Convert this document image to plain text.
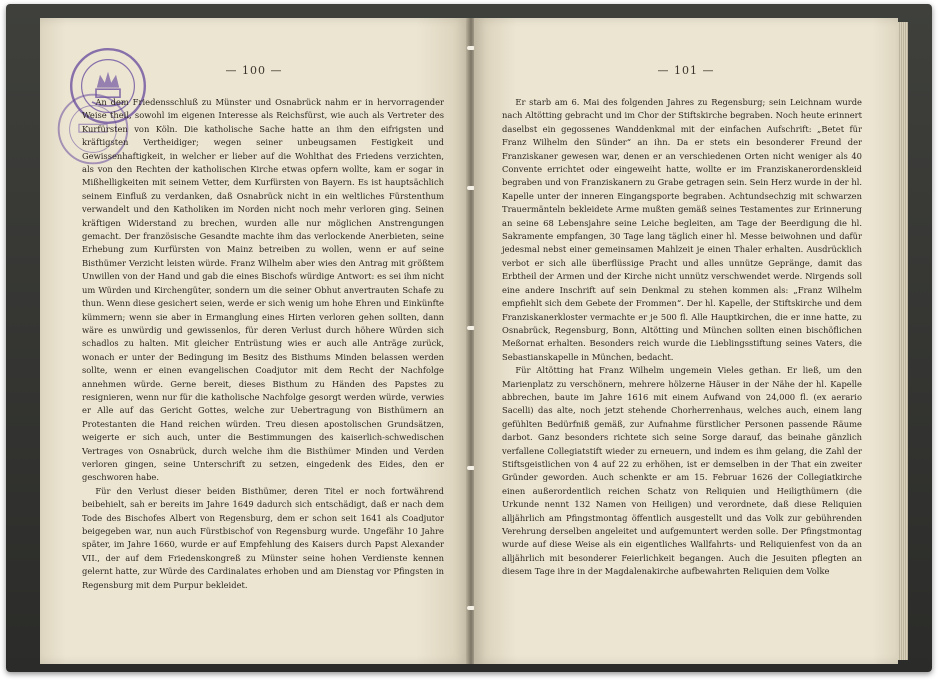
— 100 —

An dem Friedensschluß zu Münster und Osnabrück nahm er in hervorragender Weise theil, sowohl im eigenen Interesse als Reichsfürst, wie auch als Vertreter des Kurfürsten von Köln. Die katholische Sache hatte an ihm den eifrigsten und kräftigsten Vertheidiger; wegen seiner unbeugsamen Festigkeit und Gewissenhaftigkeit, in welcher er lieber auf die Wohlthat des Friedens verzichten, als von den Rechten der katholischen Kirche etwas opfern wollte, kam er sogar in Mißhelligkeiten mit seinem Vetter, dem Kurfürsten von Bayern. Es ist hauptsächlich seinem Einfluß zu verdanken, daß Osnabrück nicht in ein weltliches Fürstenthum verwandelt und den Katholiken im Norden nicht noch mehr verloren ging. Seinen kräftigen Widerstand zu brechen, wurden alle nur möglichen Anstrengungen gemacht. Der französische Gesandte machte ihm das verlockende Anerbieten, seine Erhebung zum Kurfürsten von Mainz betreiben zu wollen, wenn er auf seine Bisthümer Verzicht leisten würde. Franz Wilhelm aber wies den Antrag mit größtem Unwillen von der Hand und gab die eines Bischofs würdige Antwort: es sei ihm nicht um Würden und Kirchengüter, sondern um die seiner Obhut anvertrauten Schafe zu thun. Wenn diese gesichert seien, werde er sich wenig um hohe Ehren und Einkünfte kümmern; wenn sie aber in Ermanglung eines Hirten verloren gehen sollten, dann wäre es unwürdig und gewissenlos, für deren Verlust durch höhere Würden sich schadlos zu halten. Mit gleicher Entrüstung wies er auch alle Anträge zurück, wonach er unter der Bedingung im Besitz des Bisthums Minden belassen werden sollte, wenn er einen evangelischen Coadjutor mit dem Recht der Nachfolge annehmen würde. Gerne bereit, dieses Bisthum zu Händen des Papstes zu resignieren, wenn nur für die katholische Nachfolge gesorgt werden würde, verwies er Alle auf das Gericht Gottes, welche zur Uebertragung von Bisthümern an Protestanten die Hand reichen würden. Treu diesen apostolischen Grundsätzen, weigerte er sich auch, unter die Bestimmungen des kaiserlich-schwedischen Vertrages von Osnabrück, durch welche ihm die Bisthümer Minden und Verden verloren gingen, seine Unterschrift zu setzen, eingedenk des Eides, den er geschworen habe.

Für den Verlust dieser beiden Bisthümer, deren Titel er noch fortwährend beibehielt, sah er bereits im Jahre 1649 dadurch sich entschädigt, daß er nach dem Tode des Bischofes Albert von Regensburg, dem er schon seit 1641 als Coadjutor beigegeben war, nun auch Fürstbischof von Regensburg wurde. Ungefähr 10 Jahre später, im Jahre 1660, wurde er auf Empfehlung des Kaisers durch Papst Alexander VII., der auf dem Friedenskongreß zu Münster seine hohen Verdienste kennen gelernt hatte, zur Würde des Cardinalates erhoben und am Dienstag vor Pfingsten in Regensburg mit dem Purpur bekleidet.

— 101 —

Er starb am 6. Mai des folgenden Jahres zu Regensburg; sein Leichnam wurde nach Altötting gebracht und im Chor der Stiftskirche begraben. Noch heute erinnert daselbst ein gegossenes Wanddenkmal mit der einfachen Aufschrift: „Betet für Franz Wilhelm den Sünder“ an ihn. Da er stets ein besonderer Freund der Franziskaner gewesen war, denen er an verschiedenen Orten nicht weniger als 40 Convente errichtet oder eingeweiht hatte, wollte er im Franziskanerordenskleid begraben und von Franziskanern zu Grabe getragen sein. Sein Herz wurde in der hl. Kapelle unter der inneren Eingangsporte begraben. Achtundsechzig mit schwarzen Trauermänteln bekleidete Arme mußten gemäß seines Testamentes zur Erinnerung an seine 68 Lebensjahre seine Leiche begleiten, am Tage der Beerdigung die hl. Sakramente empfangen, 30 Tage lang täglich einer hl. Messe beiwohnen und dafür jedesmal nebst einer gemeinsamen Mahlzeit je einen Thaler erhalten. Ausdrücklich verbot er sich alle überflüssige Pracht und alles unnütze Gepränge, damit das Erbtheil der Armen und der Kirche nicht unnütz verschwendet werde. Nirgends soll eine andere Inschrift auf sein Denkmal zu stehen kommen als: „Franz Wilhelm empfiehlt sich dem Gebete der Frommen“. Der hl. Kapelle, der Stiftskirche und dem Franziskanerkloster vermachte er je 500 fl. Alle Hauptkirchen, die er inne hatte, zu Osnabrück, Regensburg, Bonn, Altötting und München sollten einen bischöflichen Meßornat erhalten. Besonders reich wurde die Lieblingsstiftung seines Vaters, die Sebastianskapelle in München, bedacht.

Für Altötting hat Franz Wilhelm ungemein Vieles gethan. Er ließ, um den Marienplatz zu verschönern, mehrere hölzerne Häuser in der Nähe der hl. Kapelle abbrechen, baute im Jahre 1616 mit einem Aufwand von 24,000 fl. (ex aerario Sacelli) das alte, noch jetzt stehende Chorherrenhaus, welches auch, einem lang gefühlten Bedürfniß gemäß, zur Aufnahme fürstlicher Personen passende Räume darbot. Ganz besonders richtete sich seine Sorge darauf, das beinahe gänzlich verfallene Collegiatstift wieder zu erneuern, und indem es ihm gelang, die Zahl der Stiftsgeistlichen von 4 auf 22 zu erhöhen, ist er demselben in der That ein zweiter Gründer geworden. Auch schenkte er am 15. Februar 1626 der Collegiatkirche einen außerordentlich reichen Schatz von Reliquien und Heiligthümern (die Urkunde nennt 132 Namen von Heiligen) und verordnete, daß diese Reliquien alljährlich am Pfingstmontag öffentlich ausgestellt und das Volk zur gebührenden Verehrung derselben angeleitet und aufgemuntert werden solle. Der Pfingstmontag wurde auf diese Weise als ein eigentliches Wallfahrts- und Reliquienfest von da an alljährlich mit besonderer Feierlichkeit begangen. Auch die Jesuiten pflegten an diesem Tage ihre in der Magdalenakirche aufbewahrten Reliquien dem Volke
